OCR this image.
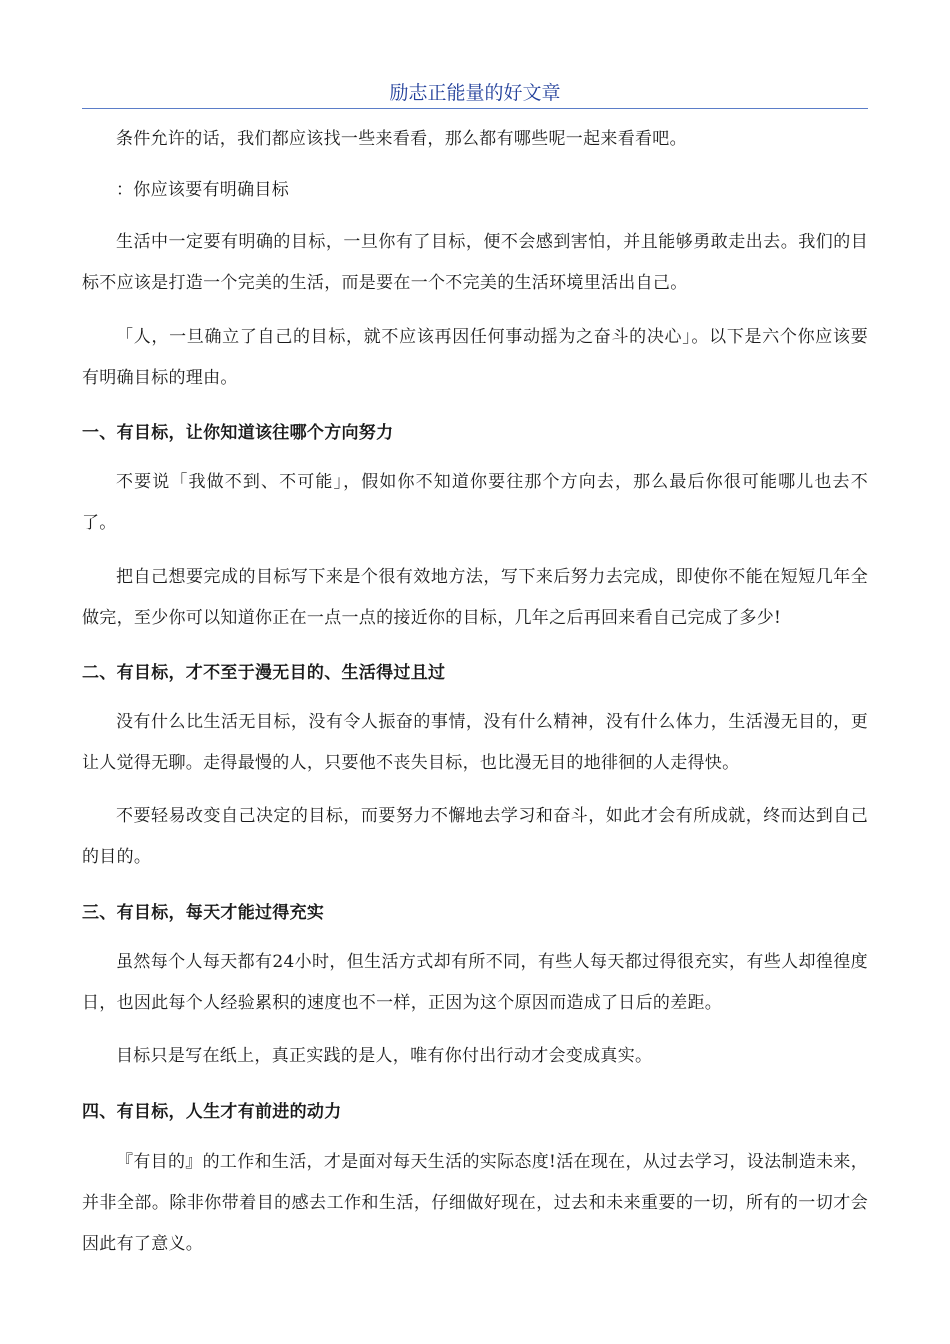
励志正能量的好文章

条件允许的话，我们都应该找一些来看看，那么都有哪些呢一起来看看吧。

：你应该要有明确目标

生活中一定要有明确的目标，一旦你有了目标，便不会感到害怕，并且能够勇敢走出去。我们的目标不应该是打造一个完美的生活，而是要在一个不完美的生活环境里活出自己。

「人，一旦确立了自己的目标，就不应该再因任何事动摇为之奋斗的决心」。以下是六个你应该要有明确目标的理由。

一、有目标，让你知道该往哪个方向努力

不要说「我做不到、不可能」，假如你不知道你要往那个方向去，那么最后你很可能哪儿也去不了。

把自己想要完成的目标写下来是个很有效地方法，写下来后努力去完成，即使你不能在短短几年全做完，至少你可以知道你正在一点一点的接近你的目标，几年之后再回来看自己完成了多少!

二、有目标，才不至于漫无目的、生活得过且过

没有什么比生活无目标，没有令人振奋的事情，没有什么精神，没有什么体力，生活漫无目的，更让人觉得无聊。走得最慢的人，只要他不丧失目标，也比漫无目的地徘徊的人走得快。

不要轻易改变自己决定的目标，而要努力不懈地去学习和奋斗，如此才会有所成就，终而达到自己的目的。

三、有目标，每天才能过得充实

虽然每个人每天都有24小时，但生活方式却有所不同，有些人每天都过得很充实，有些人却徨徨度日，也因此每个人经验累积的速度也不一样，正因为这个原因而造成了日后的差距。

目标只是写在纸上，真正实践的是人，唯有你付出行动才会变成真实。

四、有目标，人生才有前进的动力

『有目的』的工作和生活，才是面对每天生活的实际态度!活在现在，从过去学习，设法制造未来，并非全部。除非你带着目的感去工作和生活，仔细做好现在，过去和未来重要的一切，所有的一切才会因此有了意义。
